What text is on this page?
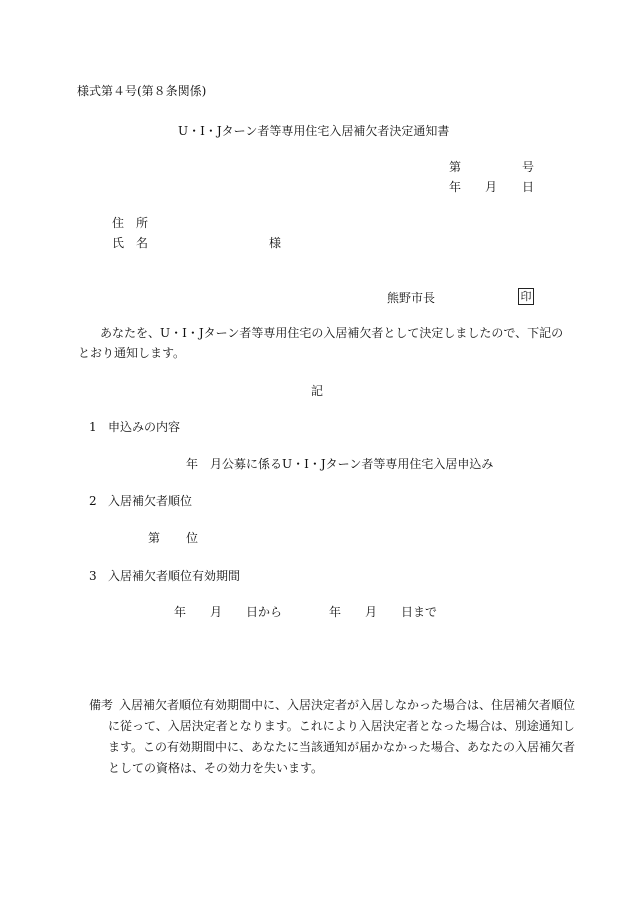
様式第４号(第８条関係)
U・I・Jターン者等専用住宅入居補欠者決定通知書
第	号
年 月 日
住　所
氏　名	様
熊野市長	印
あなたを、U・I・Jターン者等専用住宅の入居補欠者として決定しましたので、下記の
とおり通知します。
記
1 申込みの内容
年　月公募に係るU・I・Jターン者等専用住宅入居申込み
2 入居補欠者順位
第 位
3 入居補欠者順位有効期間
年 月 日から	年 月 日まで
備考 入居補欠者順位有効期間中に、入居決定者が入居しなかった場合は、住居補欠者順位
に従って、入居決定者となります。これにより入居決定者となった場合は、別途通知し
ます。この有効期間中に、あなたに当該通知が届かなかった場合、あなたの入居補欠者
としての資格は、その効力を失います。
